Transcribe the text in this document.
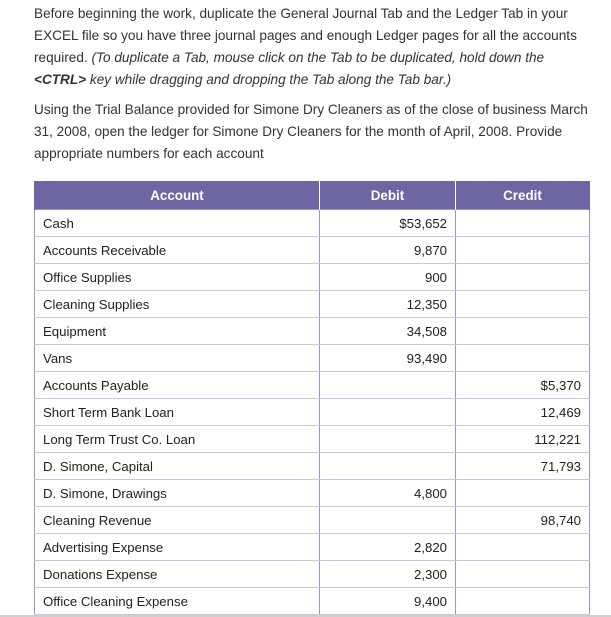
Before beginning the work, duplicate the General Journal Tab and the Ledger Tab in your EXCEL file so you have three journal pages and enough Ledger pages for all the accounts required. (To duplicate a Tab, mouse click on the Tab to be duplicated, hold down the <CTRL> key while dragging and dropping the Tab along the Tab bar.)

Using the Trial Balance provided for Simone Dry Cleaners as of the close of business March 31, 2008, open the ledger for Simone Dry Cleaners for the month of April, 2008. Provide appropriate numbers for each account

Account	Debit	Credit
Cash	$53,652	
Accounts Receivable	9,870	
Office Supplies	900	
Cleaning Supplies	12,350	
Equipment	34,508	
Vans	93,490	
Accounts Payable		$5,370
Short Term Bank Loan		12,469
Long Term Trust Co. Loan		112,221
D. Simone, Capital		71,793
D. Simone, Drawings	4,800	
Cleaning Revenue		98,740
Advertising Expense	2,820	
Donations Expense	2,300	
Office Cleaning Expense	9,400	
